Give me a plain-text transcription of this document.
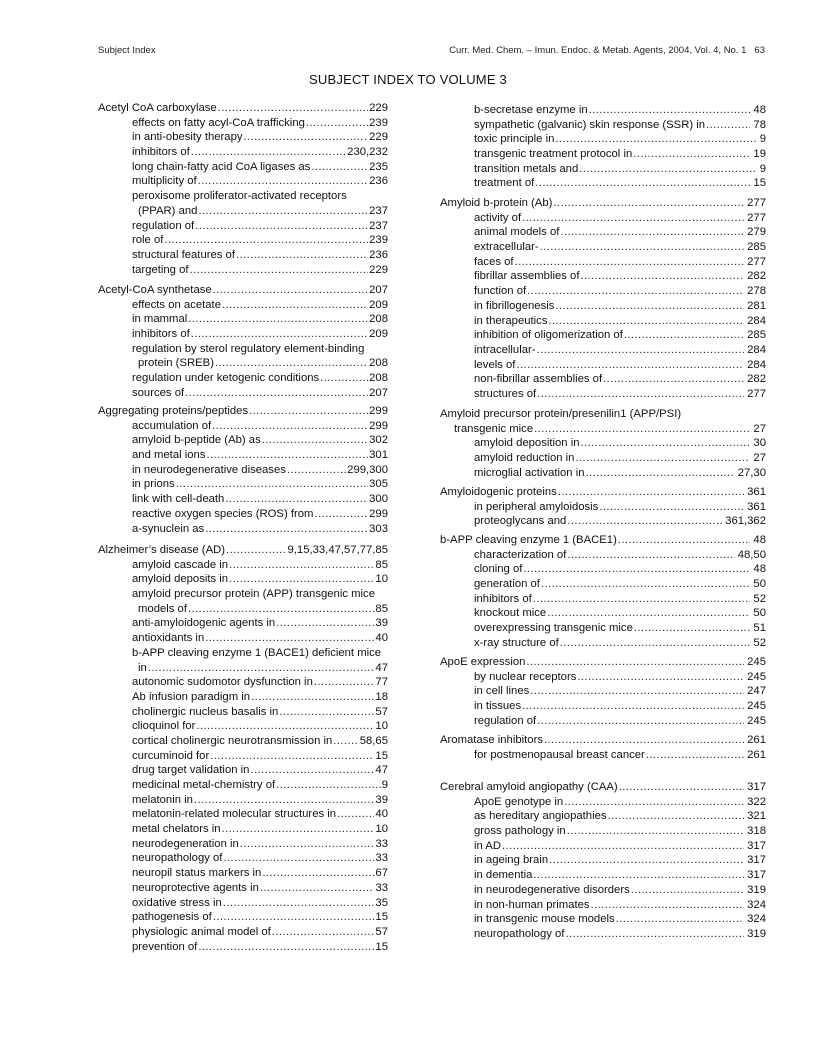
Subject Index	Curr. Med. Chem. – Imun. Endoc. & Metab. Agents, 2004, Vol. 4, No. 1 63
SUBJECT INDEX TO VOLUME 3
Acetyl CoA carboxylase .....	229
effects on fatty acyl-CoA trafficking .....	239
in anti-obesity therapy .....	229
inhibitors of .....	230,232
long chain-fatty acid CoA ligases as .....	235
multiplicity of .....	236
peroxisome proliferator-activated receptors
(PPAR) and .....	237
regulation of .....	237
role of .....	239
structural features of .....	236
targeting of .....	229
Acetyl-CoA synthetase .....	207
effects on acetate .....	209
in mammal .....	208
inhibitors of .....	209
regulation by sterol regulatory element-binding
protein (SREB) .....	208
regulation under ketogenic conditions .....	208
sources of .....	207
Aggregating proteins/peptides .....	299
accumulation of .....	299
amyloid b-peptide (Ab) as .....	302
and metal ions .....	301
in neurodegenerative diseases .....	299,300
in prions .....	305
link with cell-death .....	300
reactive oxygen species (ROS) from .....	299
a-synuclein as .....	303
Alzheimer’s disease (AD) .....	9,15,33,47,57,77,85
amyloid cascade in .....	85
amyloid deposits in .....	10
amyloid precursor protein (APP) transgenic mice
models of .....	85
anti-amyloidogenic agents in .....	39
antioxidants in .....	40
b-APP cleaving enzyme 1 (BACE1) deficient mice
in .....	47
autonomic sudomotor dysfunction in .....	77
Ab infusion paradigm in .....	18
cholinergic nucleus basalis in .....	57
clioquinol for .....	10
cortical cholinergic neurotransmission in ..... 58,65
curcuminoid for .....	15
drug target validation in .....	47
medicinal metal-chemistry of .....	9
melatonin in .....	39
melatonin-related molecular structures in .....	40
metal chelators in .....	10
neurodegeneration in .....	33
neuropathology of .....	33
neuropil status markers in .....	67
neuroprotective agents in .....	33
oxidative stress in .....	35
pathogenesis of .....	15
physiologic animal model of .....	57
prevention of .....	15
b-secretase enzyme in .....	48
sympathetic (galvanic) skin response (SSR) in .....	78
toxic principle in .....	9
transgenic treatment protocol in .....	19
transition metals and .....	9
treatment of .....	15
Amyloid b-protein (Ab) .....	277
activity of .....	277
animal models of .....	279
extracellular- .....	285
faces of .....	277
fibrillar assemblies of .....	282
function of .....	278
in fibrillogenesis .....	281
in therapeutics .....	284
inhibition of oligomerization of .....	285
intracellular- .....	284
levels of .....	284
non-fibrillar assemblies of .....	282
structures of .....	277
Amyloid precursor protein/presenilin1 (APP/PSI)
transgenic mice .....	27
amyloid deposition in .....	30
amyloid reduction in .....	27
microglial activation in .....	27,30
Amyloidogenic proteins .....	361
in peripheral amyloidosis .....	361
proteoglycans and .....	361,362
b-APP cleaving enzyme 1 (BACE1) .....	48
characterization of .....	48,50
cloning of .....	48
generation of .....	50
inhibitors of .....	52
knockout mice .....	50
overexpressing transgenic mice .....	51
x-ray structure of .....	52
ApoE expression .....	245
by nuclear receptors .....	245
in cell lines .....	247
in tissues .....	245
regulation of .....	245
Aromatase inhibitors .....	261
for postmenopausal breast cancer .....	261
Cerebral amyloid angiopathy (CAA) .....	317
ApoE genotype in .....	322
as hereditary angiopathies .....	321
gross pathology in .....	318
in AD .....	317
in ageing brain .....	317
in dementia .....	317
in neurodegenerative disorders .....	319
in non-human primates .....	324
in transgenic mouse models .....	324
neuropathology of .....	319
